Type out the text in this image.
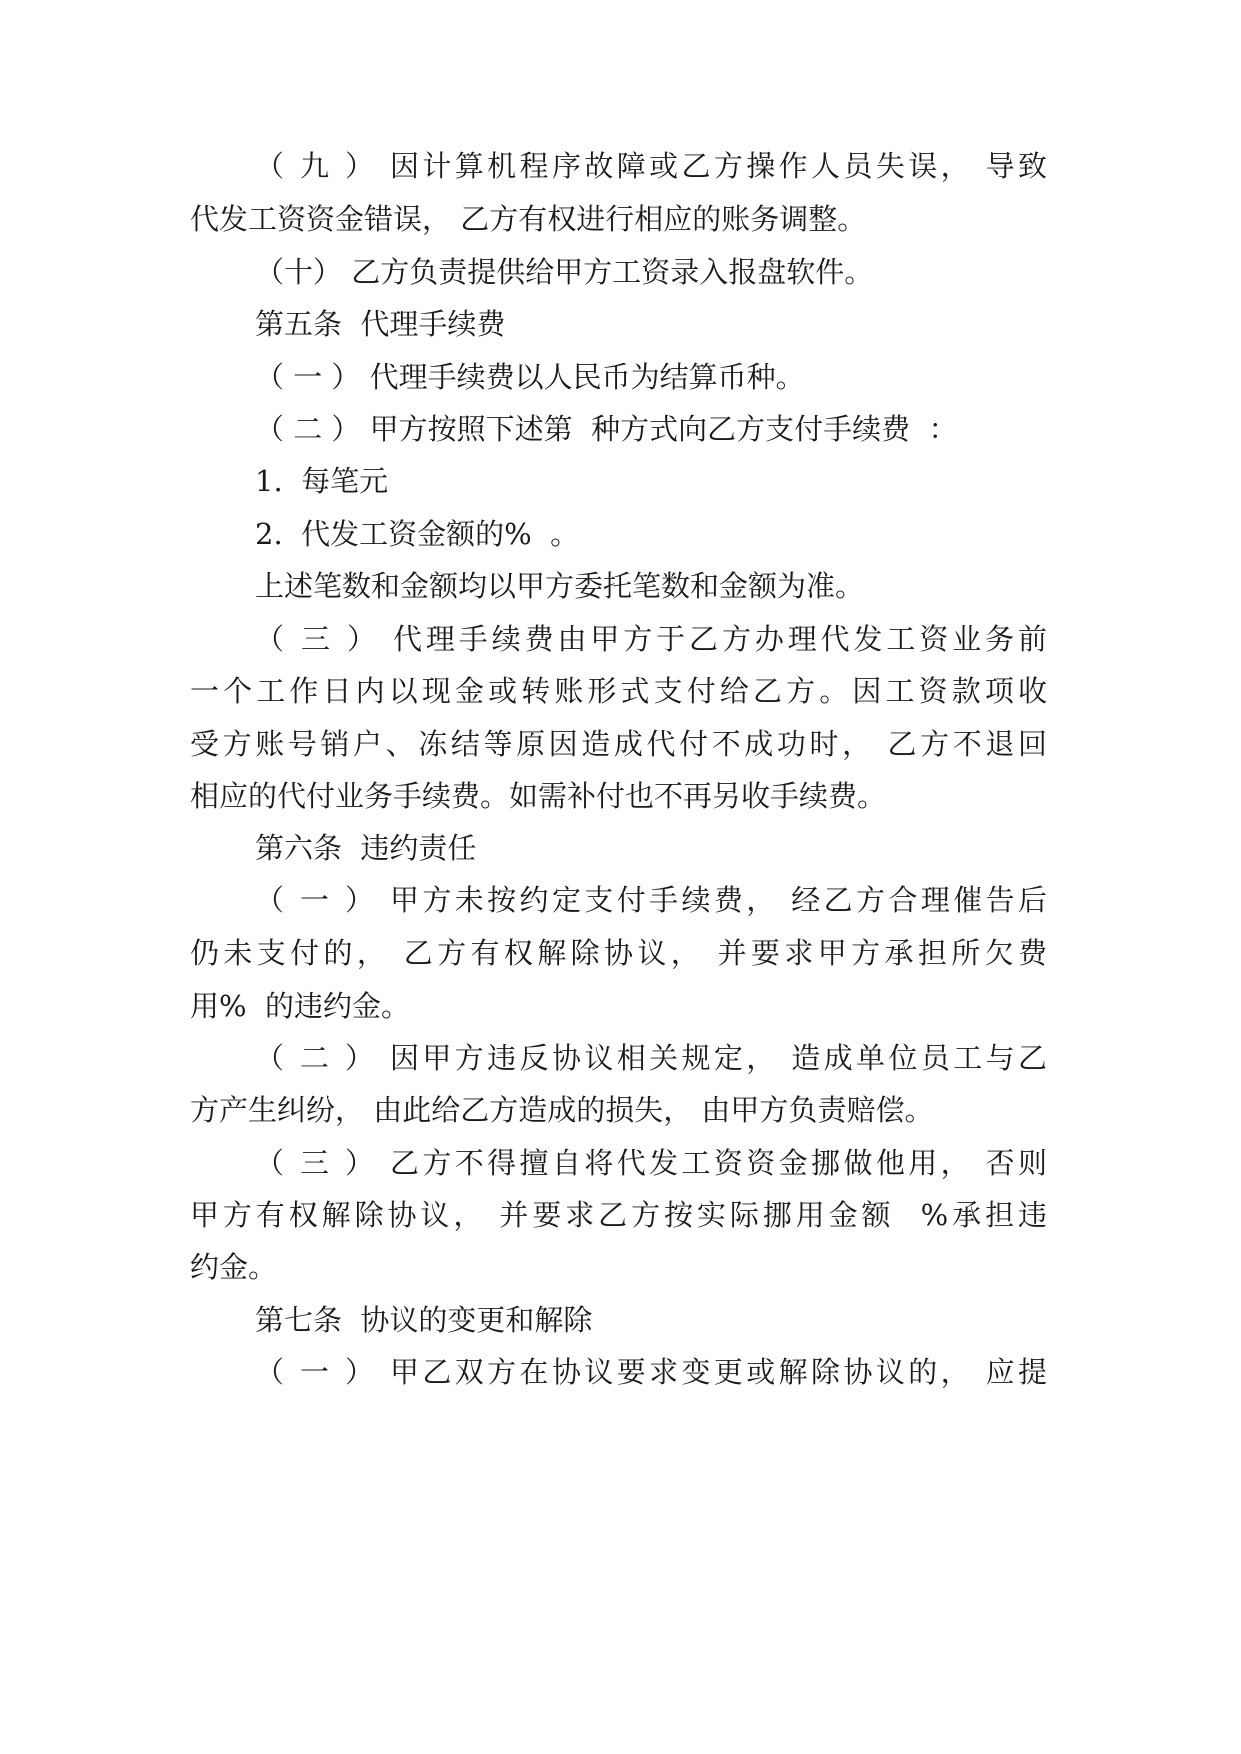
（ 九 ） 因计算机程序故障或乙方操作人员失误， 导致
代发工资资金错误， 乙方有权进行相应的账务调整。
（十） 乙方负责提供给甲方工资录入报盘软件。
第五条  代理手续费
（ 一 ） 代理手续费以人民币为结算币种。
（ 二 ） 甲方按照下述第  种方式向乙方支付手续费  ：
1.  每笔元
2.  代发工资金额的%  。
上述笔数和金额均以甲方委托笔数和金额为准。
（ 三 ） 代理手续费由甲方于乙方办理代发工资业务前
一个工作日内以现金或转账形式支付给乙方。因工资款项收
受方账号销户、冻结等原因造成代付不成功时， 乙方不退回
相应的代付业务手续费。如需补付也不再另收手续费。
第六条  违约责任
（ 一 ） 甲方未按约定支付手续费， 经乙方合理催告后
仍未支付的， 乙方有权解除协议， 并要求甲方承担所欠费
用%  的违约金。
（ 二 ） 因甲方违反协议相关规定， 造成单位员工与乙
方产生纠纷， 由此给乙方造成的损失， 由甲方负责赔偿。
（ 三 ） 乙方不得擅自将代发工资资金挪做他用， 否则
甲方有权解除协议， 并要求乙方按实际挪用金额  %承担违
约金。
第七条  协议的变更和解除
（ 一 ） 甲乙双方在协议要求变更或解除协议的， 应提
